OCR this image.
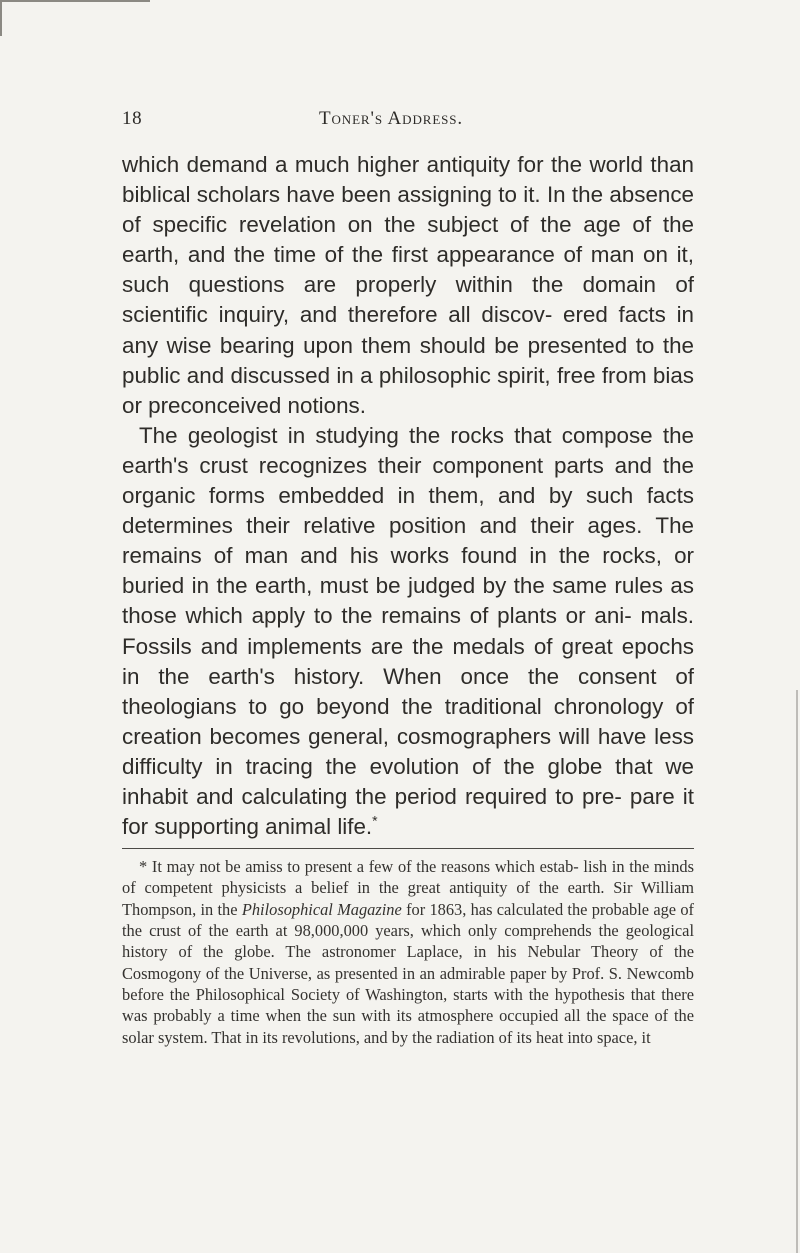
18	Toner's Address.

which demand a much higher antiquity for the world than biblical scholars have been assigning to it. In the absence of specific revelation on the subject of the age of the earth, and the time of the first appearance of man on it, such questions are properly within the domain of scientific inquiry, and therefore all discov- ered facts in any wise bearing upon them should be presented to the public and discussed in a philosophic spirit, free from bias or preconceived notions.

The geologist in studying the rocks that compose the earth's crust recognizes their component parts and the organic forms embedded in them, and by such facts determines their relative position and their ages. The remains of man and his works found in the rocks, or buried in the earth, must be judged by the same rules as those which apply to the remains of plants or ani- mals. Fossils and implements are the medals of great epochs in the earth's history. When once the consent of theologians to go beyond the traditional chronology of creation becomes general, cosmographers will have less difficulty in tracing the evolution of the globe that we inhabit and calculating the period required to pre- pare it for supporting animal life.*

* It may not be amiss to present a few of the reasons which estab- lish in the minds of competent physicists a belief in the great antiquity of the earth. Sir William Thompson, in the Philosophical Magazine for 1863, has calculated the probable age of the crust of the earth at 98,000,000 years, which only comprehends the geological history of the globe. The astronomer Laplace, in his Nebular Theory of the Cosmogony of the Universe, as presented in an admirable paper by Prof. S. Newcomb before the Philosophical Society of Washington, starts with the hypothesis that there was probably a time when the sun with its atmosphere occupied all the space of the solar system. That in its revolutions, and by the radiation of its heat into space, it
